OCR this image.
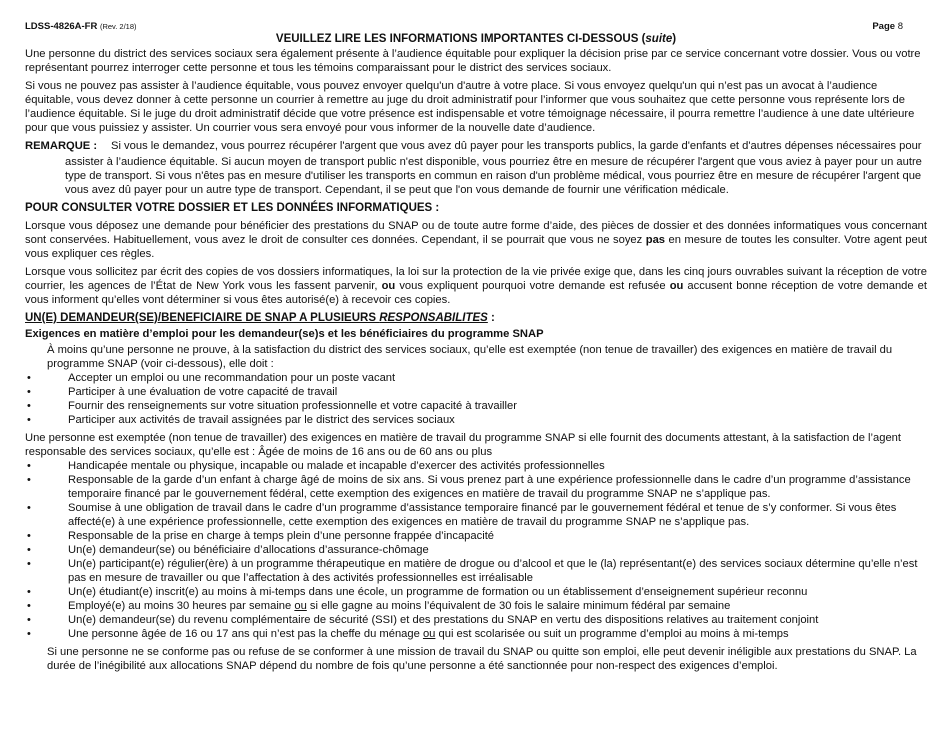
LDSS-4826A-FR (Rev. 2/18)	Page 8
VEUILLEZ LIRE LES INFORMATIONS IMPORTANTES CI-DESSOUS (suite)

Une personne du district des services sociaux sera également présente à l’audience équitable pour expliquer la décision prise par ce service concernant votre dossier. Vous ou votre représentant pourrez interroger cette personne et tous les témoins comparaissant pour le district des services sociaux.

Si vous ne pouvez pas assister à l’audience équitable, vous pouvez envoyer quelqu'un d'autre à votre place. Si vous envoyez quelqu'un qui n’est pas un avocat à l’audience équitable, vous devez donner à cette personne un courrier à remettre au juge du droit administratif pour l’informer que vous souhaitez que cette personne vous représente lors de l’audience équitable. Si le juge du droit administratif décide que votre présence est indispensable et votre témoignage nécessaire, il pourra remettre l’audience à une date ultérieure pour que vous puissiez y assister. Un courrier vous sera envoyé pour vous informer de la nouvelle date d’audience.

REMARQUE :	Si vous le demandez, vous pourrez récupérer l'argent que vous avez dû payer pour les transports publics, la garde d'enfants et d'autres dépenses nécessaires pour
assister à l’audience équitable. Si aucun moyen de transport public n'est disponible, vous pourriez être en mesure de récupérer l'argent que vous aviez à payer pour un autre type de transport. Si vous n'êtes pas en mesure d'utiliser les transports en commun en raison d'un problème médical, vous pourriez être en mesure de récupérer l'argent que vous avez dû payer pour un autre type de transport. Cependant, il se peut que l'on vous demande de fournir une vérification médicale.
POUR CONSULTER VOTRE DOSSIER ET LES DONNÉES INFORMATIQUES :

Lorsque vous déposez une demande pour bénéficier des prestations du SNAP ou de toute autre forme d’aide, des pièces de dossier et des données informatiques vous concernant sont conservées. Habituellement, vous avez le droit de consulter ces données. Cependant, il se pourrait que vous ne soyez pas en mesure de toutes les consulter. Votre agent peut vous expliquer ces règles.

Lorsque vous sollicitez par écrit des copies de vos dossiers informatiques, la loi sur la protection de la vie privée exige que, dans les cinq jours ouvrables suivant la réception de votre courrier, les agences de l’État de New York vous les fassent parvenir, ou vous expliquent pourquoi votre demande est refusée ou accusent bonne réception de votre demande et vous informent qu’elles vont déterminer si vous êtes autorisé(e) à recevoir ces copies.

UN(E) DEMANDEUR(SE)/BENEFICIAIRE DE SNAP A PLUSIEURS RESPONSABILITES :
Exigences en matière d’emploi pour les demandeur(se)s et les bénéficiaires du programme SNAP

À moins qu’une personne ne prouve, à la satisfaction du district des services sociaux, qu’elle est exemptée (non tenue de travailler) des exigences en matière de travail du programme SNAP (voir ci-dessous), elle doit :

• Accepter un emploi ou une recommandation pour un poste vacant
• Participer à une évaluation de votre capacité de travail
• Fournir des renseignements sur votre situation professionnelle et votre capacité à travailler
• Participer aux activités de travail assignées par le district des services sociaux

Une personne est exemptée (non tenue de travailler) des exigences en matière de travail du programme SNAP si elle fournit des documents attestant, à la satisfaction de l’agent responsable des services sociaux, qu’elle est : Âgée de moins de 16 ans ou de 60 ans ou plus

• Handicapée mentale ou physique, incapable ou malade et incapable d’exercer des activités professionnelles
• Responsable de la garde d’un enfant à charge âgé de moins de six ans. Si vous prenez part à une expérience professionnelle dans le cadre d’un programme d’assistance temporaire financé par le gouvernement fédéral, cette exemption des exigences en matière de travail du programme SNAP ne s’applique pas.
• Soumise à une obligation de travail dans le cadre d’un programme d’assistance temporaire financé par le gouvernement fédéral et tenue de s’y conformer. Si vous êtes affecté(e) à une expérience professionnelle, cette exemption des exigences en matière de travail du programme SNAP ne s’applique pas.
• Responsable de la prise en charge à temps plein d’une personne frappée d’incapacité
• Un(e) demandeur(se) ou bénéficiaire d’allocations d’assurance-chômage
• Un(e) participant(e) régulier(ère) à un programme thérapeutique en matière de drogue ou d’alcool et que le (la) représentant(e) des services sociaux détermine qu’elle n’est pas en mesure de travailler ou que l’affectation à des activités professionnelles est irréalisable
• Un(e) étudiant(e) inscrit(e) au moins à mi-temps dans une école, un programme de formation ou un établissement d’enseignement supérieur reconnu
• Employé(e) au moins 30 heures par semaine ou si elle gagne au moins l’équivalent de 30 fois le salaire minimum fédéral par semaine
• Un(e) demandeur(se) du revenu complémentaire de sécurité (SSI) et des prestations du SNAP en vertu des dispositions relatives au traitement conjoint
• Une personne âgée de 16 ou 17 ans qui n’est pas la cheffe du ménage ou qui est scolarisée ou suit un programme d’emploi au moins à mi-temps

Si une personne ne se conforme pas ou refuse de se conformer à une mission de travail du SNAP ou quitte son emploi, elle peut devenir inéligible aux prestations du SNAP. La durée de l’inégibilité aux allocations SNAP dépend du nombre de fois qu’une personne a été sanctionnée pour non-respect des exigences d’emploi.
